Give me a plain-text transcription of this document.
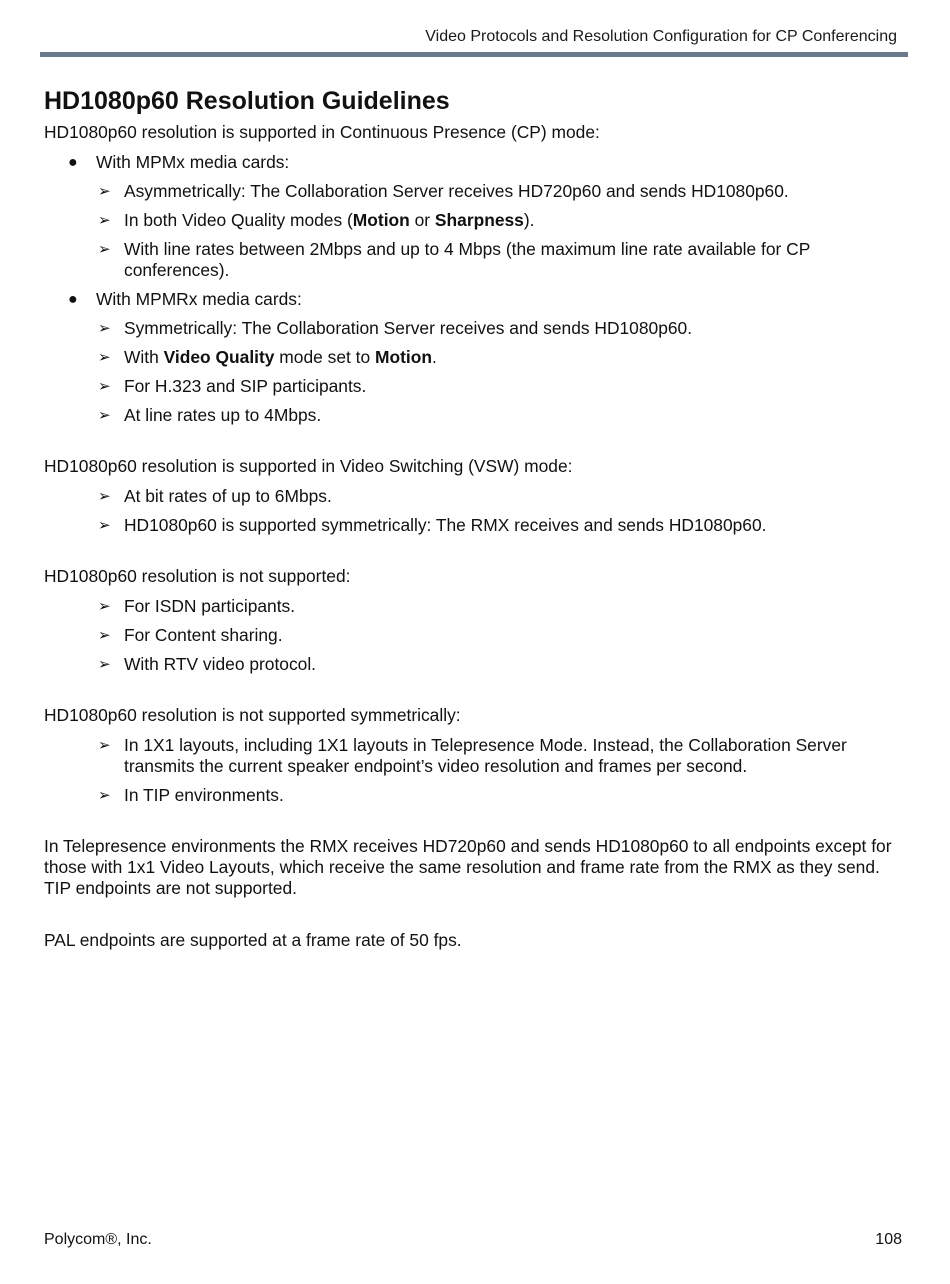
Video Protocols and Resolution Configuration for CP Conferencing
HD1080p60 Resolution Guidelines

HD1080p60 resolution is supported in Continuous Presence (CP) mode:

● With MPMx media cards:
➢ Asymmetrically: The Collaboration Server receives HD720p60 and sends HD1080p60.
➢ In both Video Quality modes (Motion or Sharpness).
➢ With line rates between 2Mbps and up to 4 Mbps (the maximum line rate available for CP conferences).
● With MPMRx media cards:
➢ Symmetrically: The Collaboration Server receives and sends HD1080p60.
➢ With Video Quality mode set to Motion.
➢ For H.323 and SIP participants.
➢ At line rates up to 4Mbps.

HD1080p60 resolution is supported in Video Switching (VSW) mode:

➢ At bit rates of up to 6Mbps.
➢ HD1080p60 is supported symmetrically: The RMX receives and sends HD1080p60.

HD1080p60 resolution is not supported:

➢ For ISDN participants.
➢ For Content sharing.
➢ With RTV video protocol.

HD1080p60 resolution is not supported symmetrically:

➢ In 1X1 layouts, including 1X1 layouts in Telepresence Mode. Instead, the Collaboration Server transmits the current speaker endpoint’s video resolution and frames per second.
➢ In TIP environments.

In Telepresence environments the RMX receives HD720p60 and sends HD1080p60 to all endpoints except for those with 1x1 Video Layouts, which receive the same resolution and frame rate from the RMX as they send. TIP endpoints are not supported.

PAL endpoints are supported at a frame rate of 50 fps.

Polycom®, Inc.	108
